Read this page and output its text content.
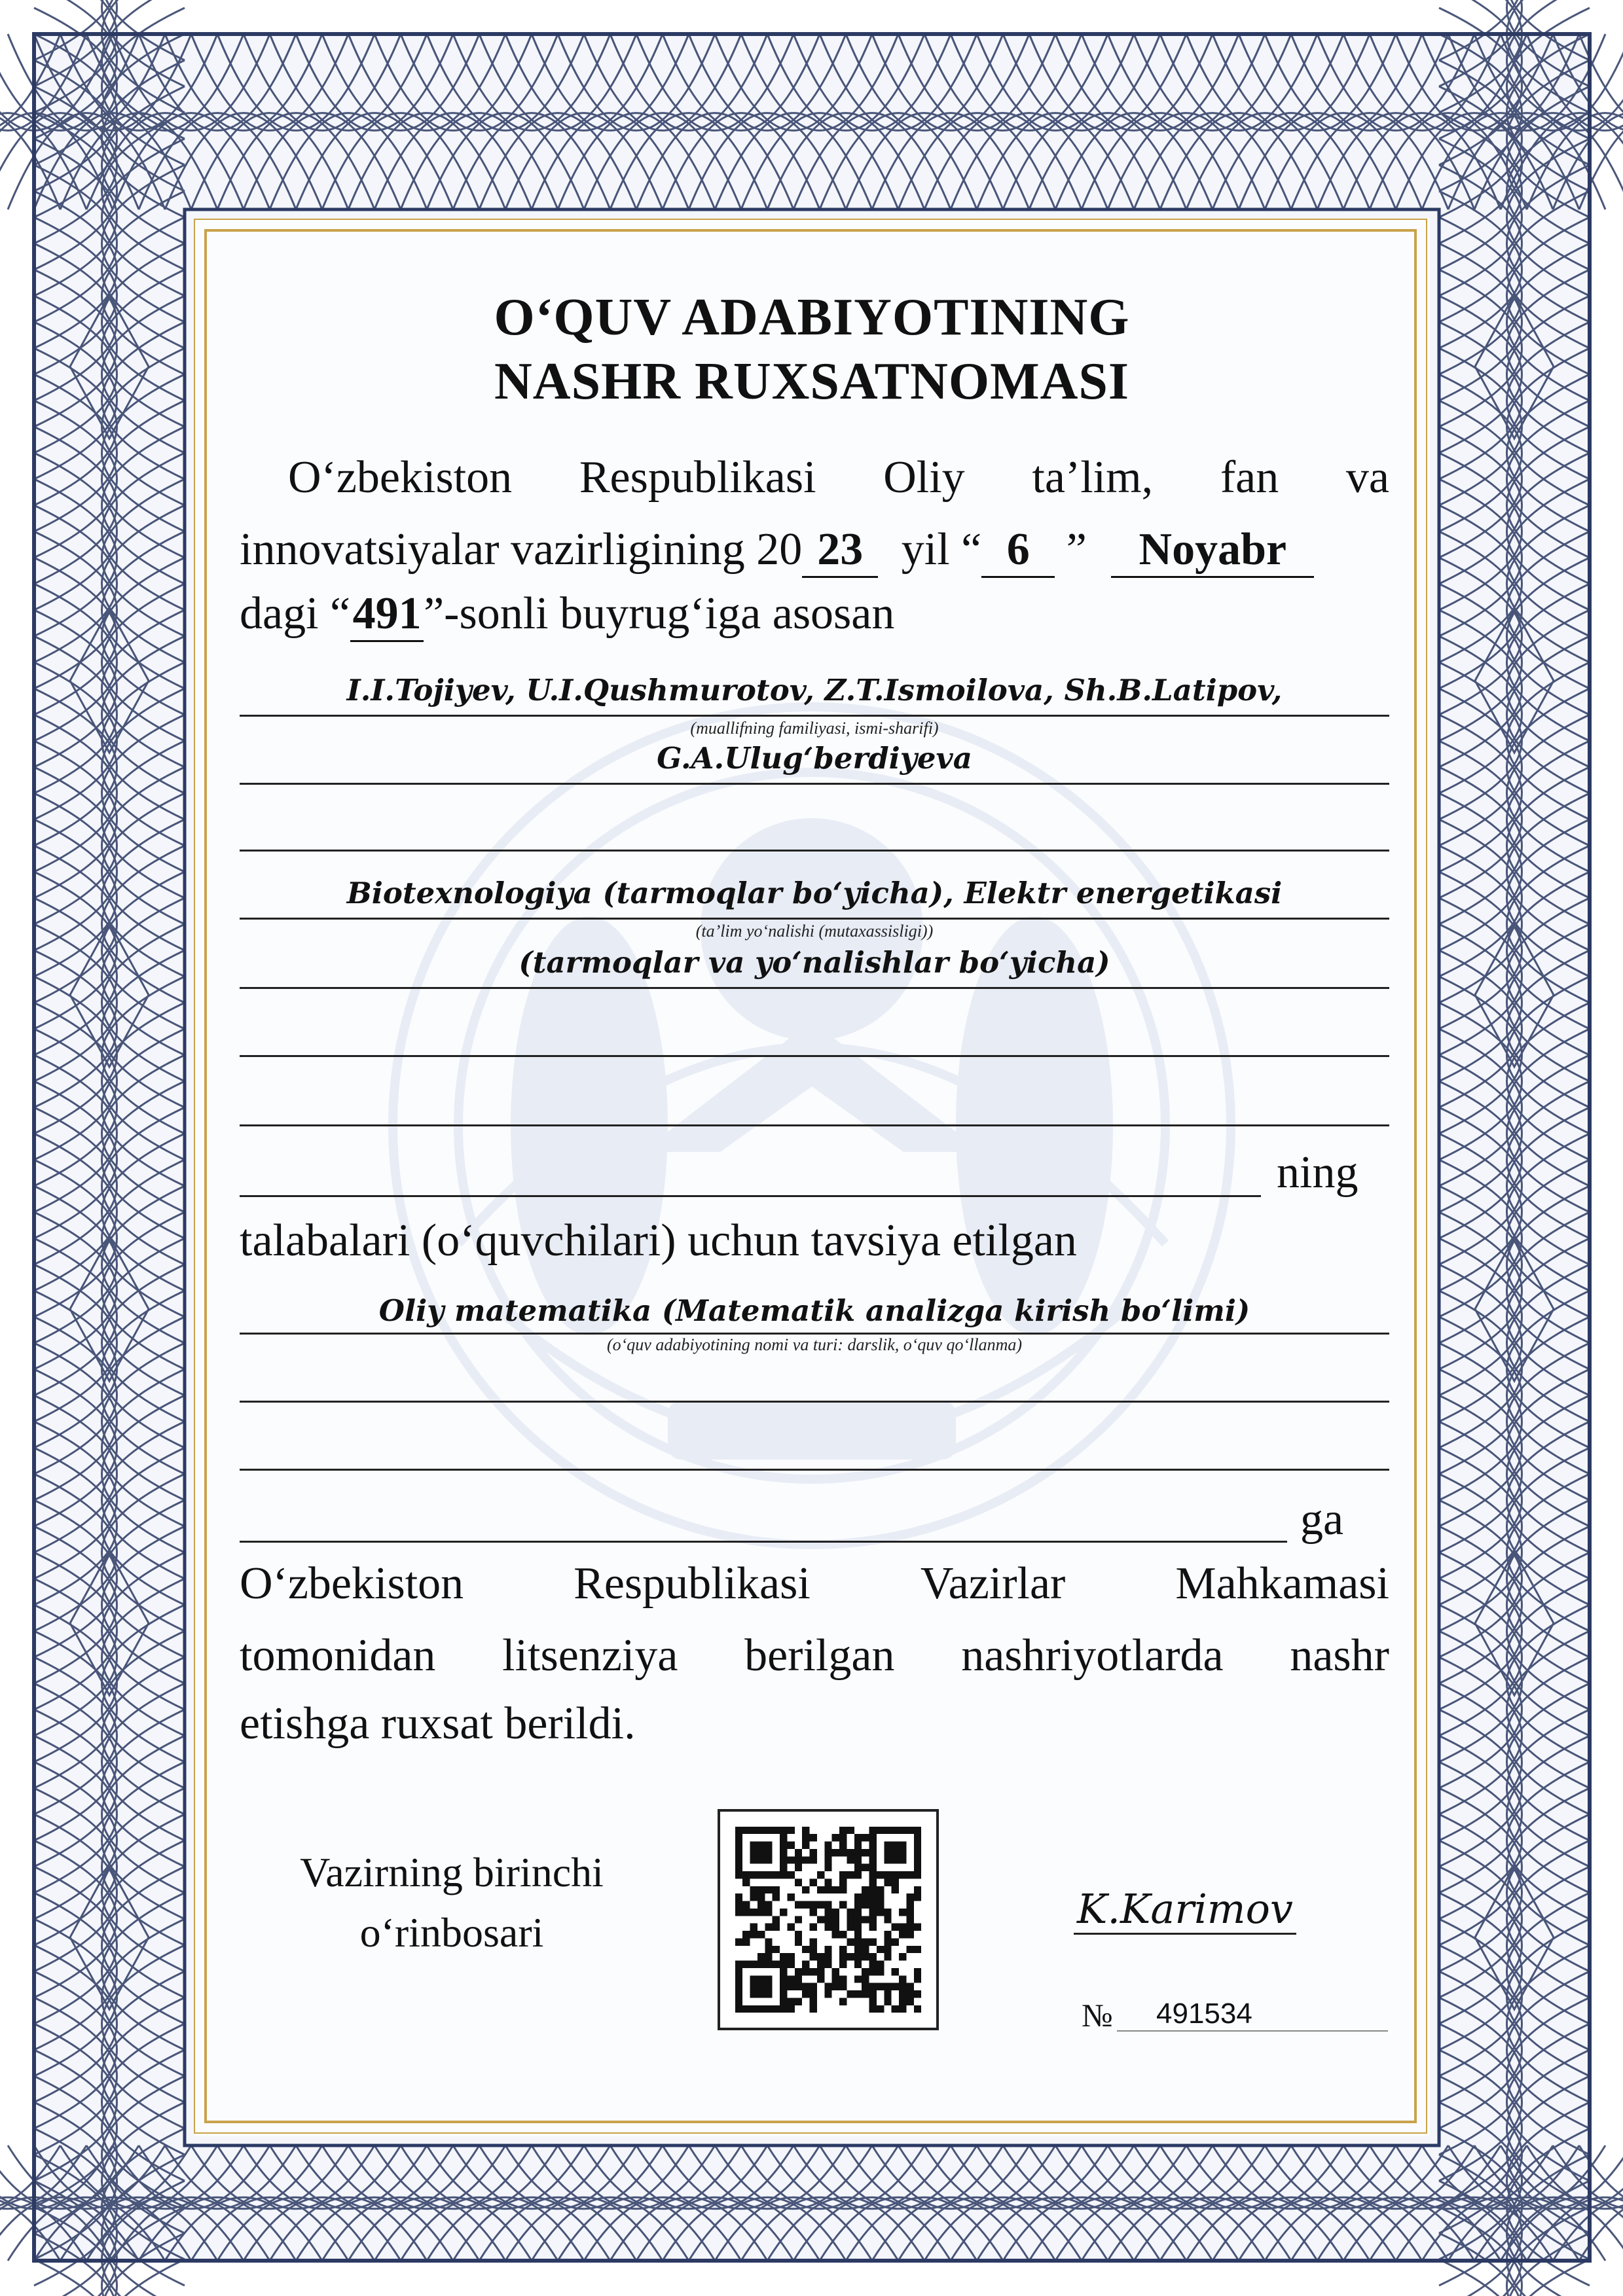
O‘QUV ADABIYOTINING
NASHR RUXSATNOMASI
O‘zbekiston Respublikasi Oliy ta’lim, fan va
innovatsiyalar vazirligining 20 23 yil “ 6 ” Noyabr
dagi “491”-sonli buyrug‘iga asosan
I.I.Tojiyev, U.I.Qushmurotov, Z.T.Ismoilova, Sh.B.Latipov,
(muallifning familiyasi, ismi-sharifi)
G.A.Ulug‘berdiyeva
Biotexnologiya (tarmoqlar bo‘yicha), Elektr energetikasi
(ta’lim yo‘nalishi (mutaxassisligi))
(tarmoqlar va yo‘nalishlar bo‘yicha)
ning
talabalari (o‘quvchilari) uchun tavsiya etilgan
Oliy matematika (Matematik analizga kirish bo‘limi)
(o‘quv adabiyotining nomi va turi: darslik, o‘quv qo‘llanma)
ga
O‘zbekiston Respublikasi Vazirlar Mahkamasi
tomonidan litsenziya berilgan nashriyotlarda nashr
etishga ruxsat berildi.
Vazirning birinchi
o‘rinbosari	K.Karimov
№	491534
